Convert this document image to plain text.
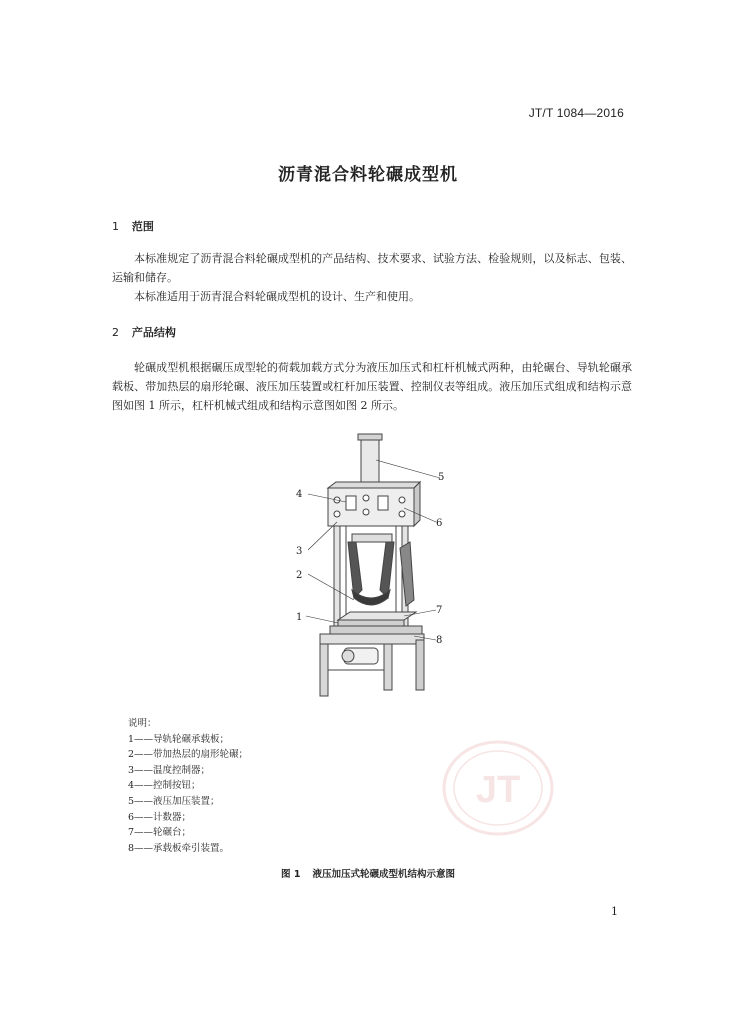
JT/T 1084—2016
沥青混合料轮碾成型机
1 范围
本标准规定了沥青混合料轮碾成型机的产品结构、技术要求、试验方法、检验规则，以及标志、包装、运输和储存。
本标准适用于沥青混合料轮碾成型机的设计、生产和使用。
2 产品结构
轮碾成型机根据碾压成型轮的荷载加载方式分为液压加压式和杠杆机械式两种，由轮碾台、导轨轮碾承载板、带加热层的扇形轮碾、液压加压装置或杠杆加压装置、控制仪表等组成。液压加压式组成和结构示意图如图 1 所示，杠杆机械式组成和结构示意图如图 2 所示。
5
4
6
3
2
7
1
8
说明：
1——导轨轮碾承载板；
2——带加热层的扇形轮碾；
3——温度控制器；
4——控制按钮；
5——液压加压装置；
6——计数器；
7——轮碾台；
8——承载板牵引装置。
JT
图 1 液压加压式轮碾成型机结构示意图
1
